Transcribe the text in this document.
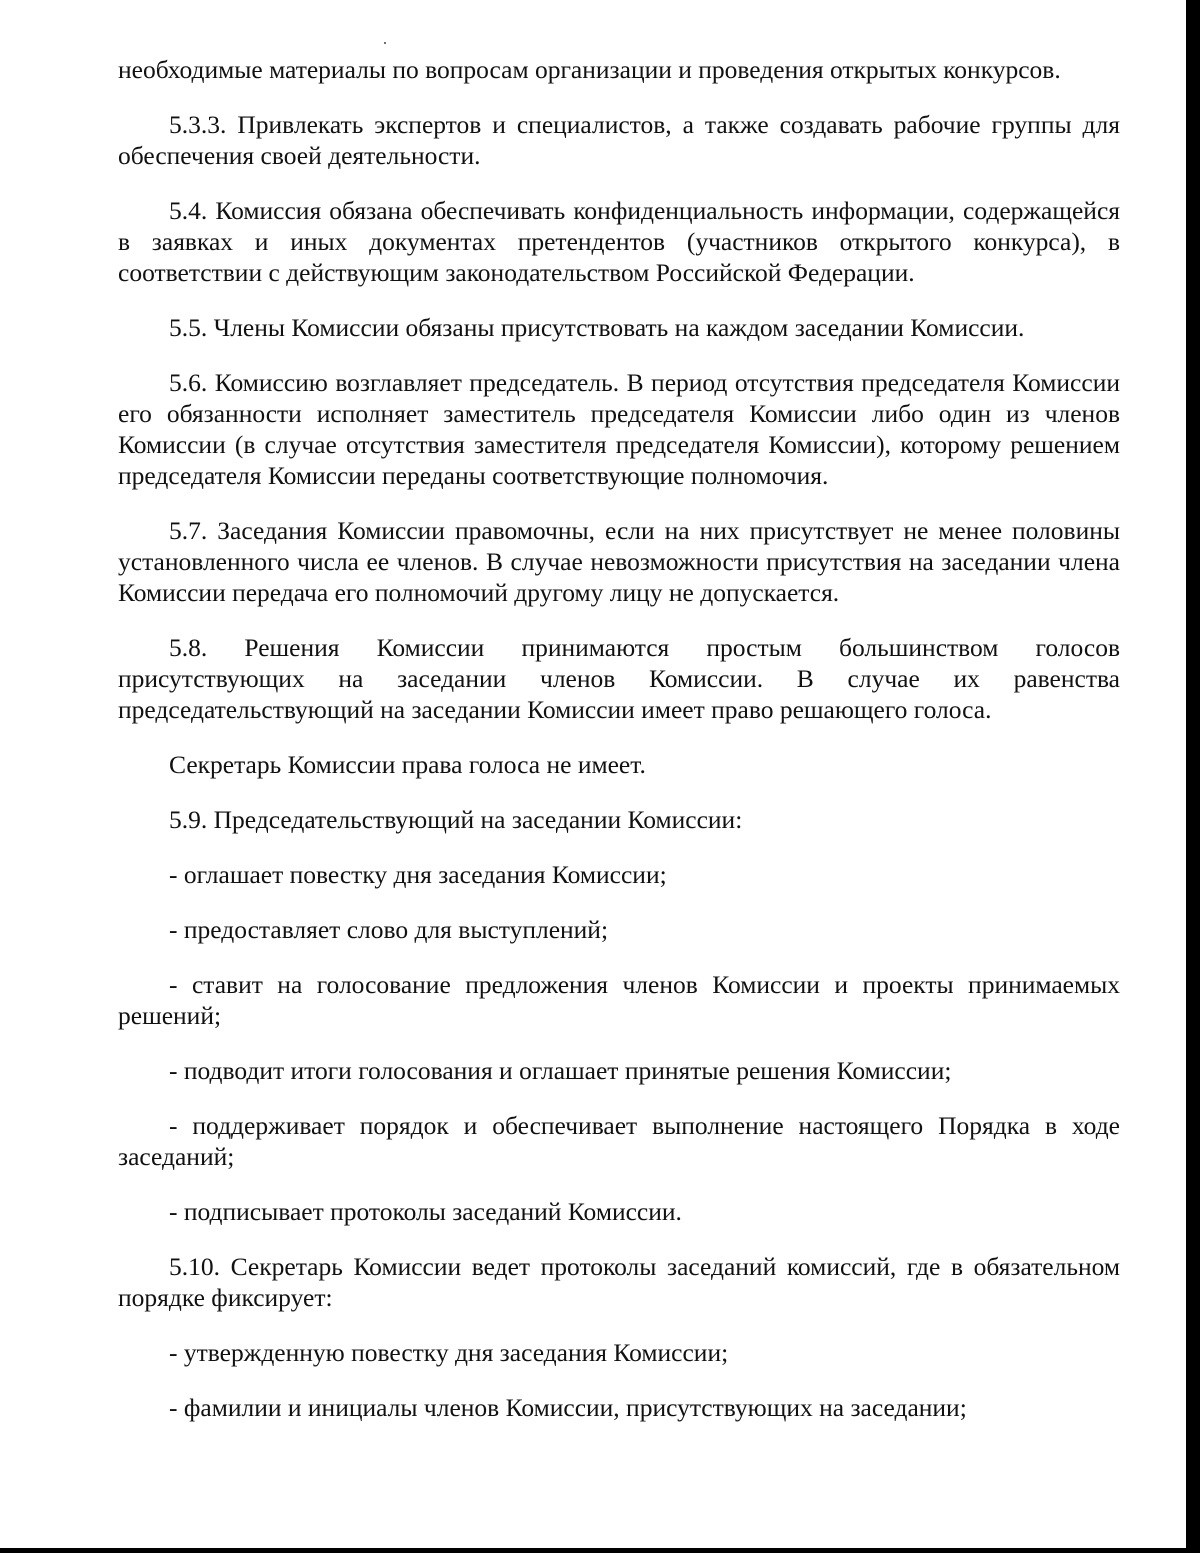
необходимые материалы по вопросам организации и проведения открытых конкурсов.

5.3.3. Привлекать экспертов и специалистов, а также создавать рабочие группы для обеспечения своей деятельности.

5.4. Комиссия обязана обеспечивать конфиденциальность информации, содержащейся в заявках и иных документах претендентов (участников открытого конкурса), в соответствии с действующим законодательством Российской Федерации.

5.5. Члены Комиссии обязаны присутствовать на каждом заседании Комиссии.

5.6. Комиссию возглавляет председатель. В период отсутствия председателя Комиссии его обязанности исполняет заместитель председателя Комиссии либо один из членов Комиссии (в случае отсутствия заместителя председателя Комиссии), которому решением председателя Комиссии переданы соответствующие полномочия.

5.7. Заседания Комиссии правомочны, если на них присутствует не менее половины установленного числа ее членов. В случае невозможности присутствия на заседании члена Комиссии передача его полномочий другому лицу не допускается.

5.8. Решения Комиссии принимаются простым большинством голосов присутствующих на заседании членов Комиссии. В случае их равенства председательствующий на заседании Комиссии имеет право решающего голоса.

Секретарь Комиссии права голоса не имеет.

5.9. Председательствующий на заседании Комиссии:

- оглашает повестку дня заседания Комиссии;

- предоставляет слово для выступлений;

- ставит на голосование предложения членов Комиссии и проекты принимаемых решений;

- подводит итоги голосования и оглашает принятые решения Комиссии;

- поддерживает порядок и обеспечивает выполнение настоящего Порядка в ходе заседаний;

- подписывает протоколы заседаний Комиссии.

5.10. Секретарь Комиссии ведет протоколы заседаний комиссий, где в обязательном порядке фиксирует:

- утвержденную повестку дня заседания Комиссии;

- фамилии и инициалы членов Комиссии, присутствующих на заседании;
